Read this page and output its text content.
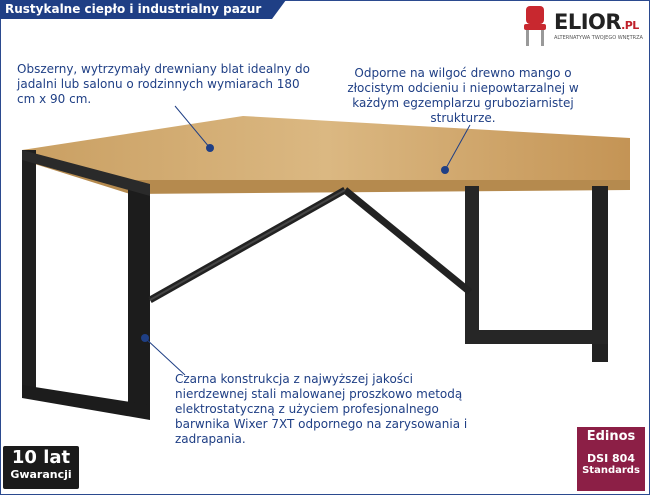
Rustykalne ciepło i industrialny pazur
ELIOR.PL
ALTERNATYWA TWOJEGO WNĘTRZA
Obszerny, wytrzymały drewniany blat idealny do jadalni lub salonu o rodzinnych wymiarach 180 cm x 90 cm.
Odporne na wilgoć drewno mango o złocistym odcieniu i niepowtarzalnej w każdym egzemplarzu gruboziarnistej strukturze.
Czarna konstrukcja z najwyższej jakości nierdzewnej stali malowanej proszkowo metodą elektrostatyczną z użyciem profesjonalnego barwnika Wixer 7XT odpornego na zarysowania i zadrapania.
10 lat
Gwarancji
Edinos
DSI 804
Standards
